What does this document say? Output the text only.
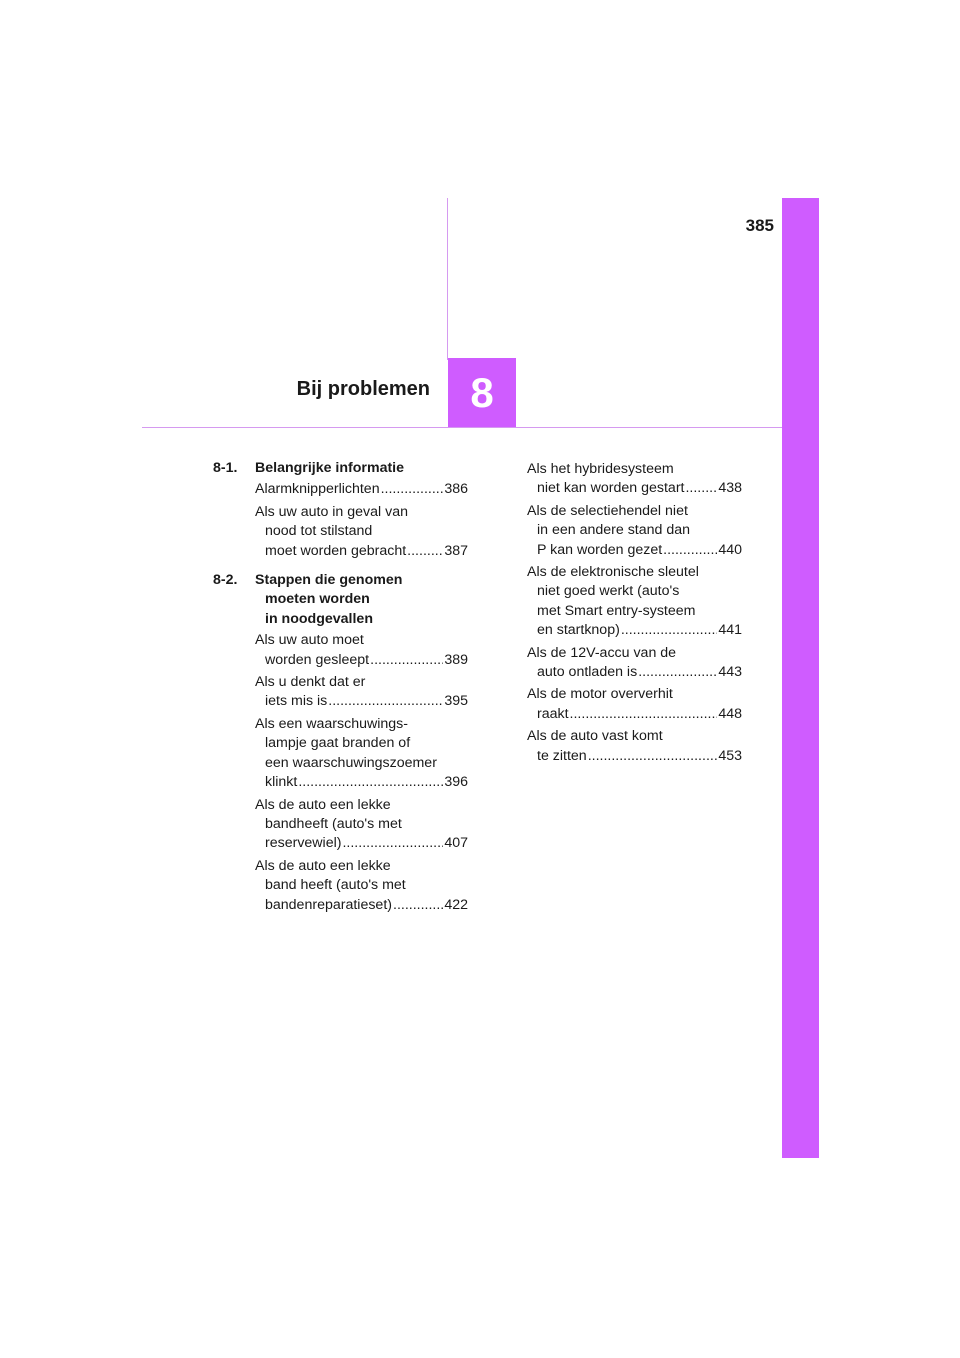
385
8
Bij problemen
8-1.	Belangrijke informatie
Alarmknipperlichten .....	386
Als uw auto in geval van
nood tot stilstand
moet worden gebracht .....	387
8-2.	Stappen die genomen
moeten worden
in noodgevallen
Als uw auto moet
worden gesleept .....	389
Als u denkt dat er
iets mis is .....	395
Als een waarschuwings-
lampje gaat branden of
een waarschuwingszoemer
klinkt .....	396
Als de auto een lekke
bandheeft (auto's met
reservewiel) .....	407
Als de auto een lekke
band heeft (auto's met
bandenreparatieset) .....	422
Als het hybridesysteem
niet kan worden gestart ..... 438
Als de selectiehendel niet
in een andere stand dan
P kan worden gezet .....	440
Als de elektronische sleutel
niet goed werkt (auto's
met Smart entry-systeem
en startknop) .....	441
Als de 12V-accu van de
auto ontladen is .....	443
Als de motor oververhit
raakt .....	448
Als de auto vast komt
te zitten .....	453
